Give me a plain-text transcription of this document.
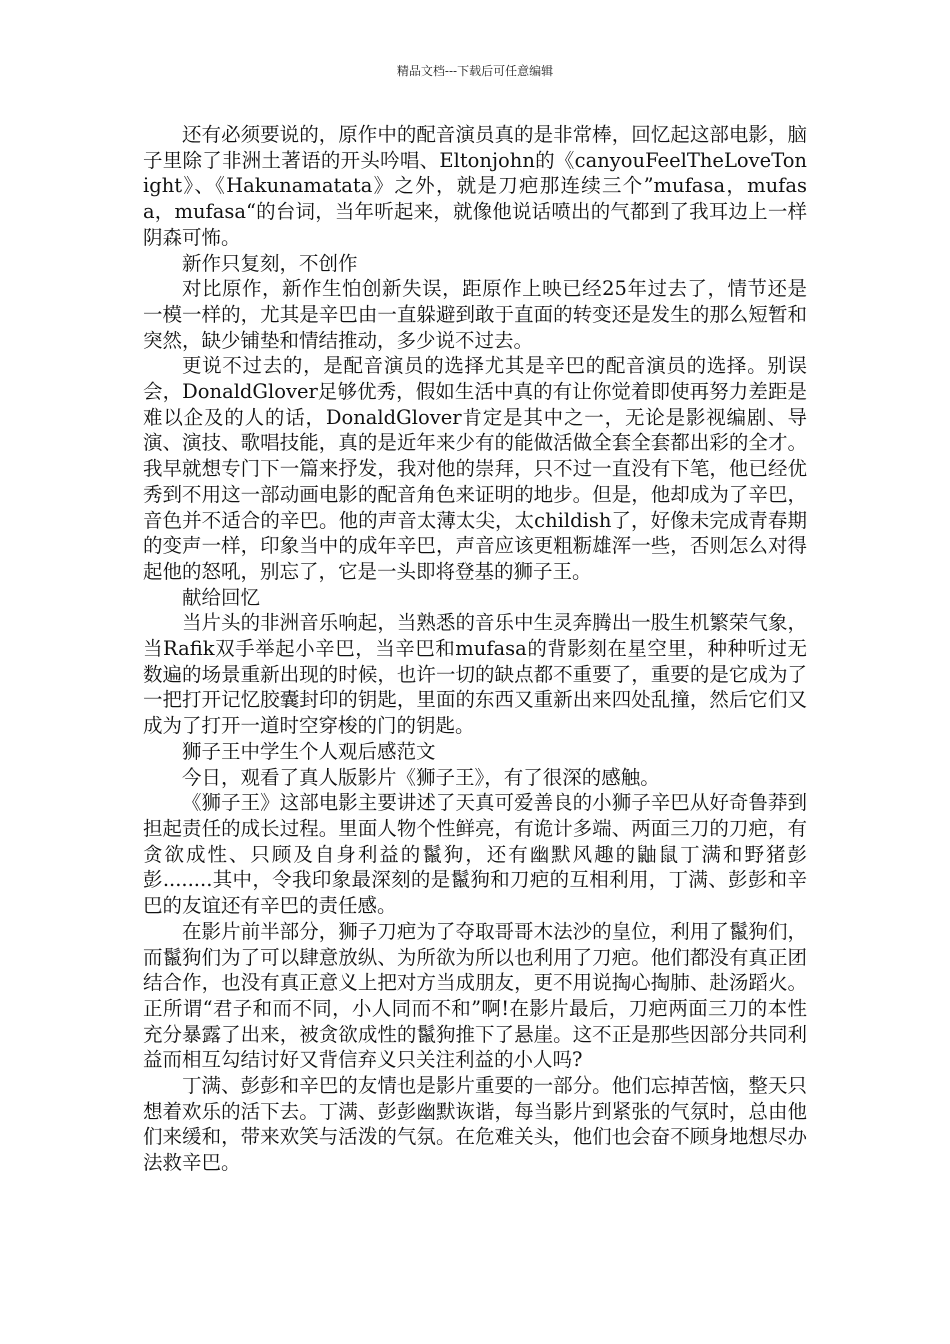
精品文档---下载后可任意编辑

还有必须要说的，原作中的配音演员真的是非常棒，回忆起这部电影，脑子里除了非洲土著语的开头吟唱、Eltonjohn的《canyouFeelTheLoveTonight》、《Hakunamatata》之外，就是刀疤那连续三个”mufasa，mufasa，mufasa“的台词，当年听起来，就像他说话喷出的气都到了我耳边上一样阴森可怖。

新作只复刻，不创作

对比原作，新作生怕创新失误，距原作上映已经25年过去了，情节还是一模一样的，尤其是辛巴由一直躲避到敢于直面的转变还是发生的那么短暂和突然，缺少铺垫和情结推动，多少说不过去。

更说不过去的，是配音演员的选择尤其是辛巴的配音演员的选择。别误会，DonaldGlover足够优秀，假如生活中真的有让你觉着即使再努力差距是难以企及的人的话，DonaldGlover肯定是其中之一，无论是影视编剧、导演、演技、歌唱技能，真的是近年来少有的能做活做全套全套都出彩的全才。我早就想专门下一篇来抒发，我对他的崇拜，只不过一直没有下笔，他已经优秀到不用这一部动画电影的配音角色来证明的地步。但是，他却成为了辛巴，音色并不适合的辛巴。他的声音太薄太尖，太childish了，好像未完成青春期的变声一样，印象当中的成年辛巴，声音应该更粗粝雄浑一些，否则怎么对得起他的怒吼，别忘了，它是一头即将登基的狮子王。

献给回忆

当片头的非洲音乐响起，当熟悉的音乐中生灵奔腾出一股生机繁荣气象，当Rafik双手举起小辛巴，当辛巴和mufasa的背影刻在星空里，种种听过无数遍的场景重新出现的时候，也许一切的缺点都不重要了，重要的是它成为了一把打开记忆胶囊封印的钥匙，里面的东西又重新出来四处乱撞，然后它们又成为了打开一道时空穿梭的门的钥匙。

狮子王中学生个人观后感范文

今日，观看了真人版影片《狮子王》，有了很深的感触。

《狮子王》这部电影主要讲述了天真可爱善良的小狮子辛巴从好奇鲁莽到担起责任的成长过程。里面人物个性鲜亮，有诡计多端、两面三刀的刀疤，有贪欲成性、只顾及自身利益的鬣狗，还有幽默风趣的鼬鼠丁满和野猪彭彭........其中，令我印象最深刻的是鬣狗和刀疤的互相利用，丁满、彭彭和辛巴的友谊还有辛巴的责任感。

在影片前半部分，狮子刀疤为了夺取哥哥木法沙的皇位，利用了鬣狗们，而鬣狗们为了可以肆意放纵、为所欲为所以也利用了刀疤。他们都没有真正团结合作，也没有真正意义上把对方当成朋友，更不用说掏心掏肺、赴汤蹈火。正所谓“君子和而不同，小人同而不和”啊!在影片最后，刀疤两面三刀的本性充分暴露了出来，被贪欲成性的鬣狗推下了悬崖。这不正是那些因部分共同利益而相互勾结讨好又背信弃义只关注利益的小人吗?

丁满、彭彭和辛巴的友情也是影片重要的一部分。他们忘掉苦恼，整天只想着欢乐的活下去。丁满、彭彭幽默诙谐，每当影片到紧张的气氛时，总由他们来缓和，带来欢笑与活泼的气氛。在危难关头，他们也会奋不顾身地想尽办法救辛巴。
